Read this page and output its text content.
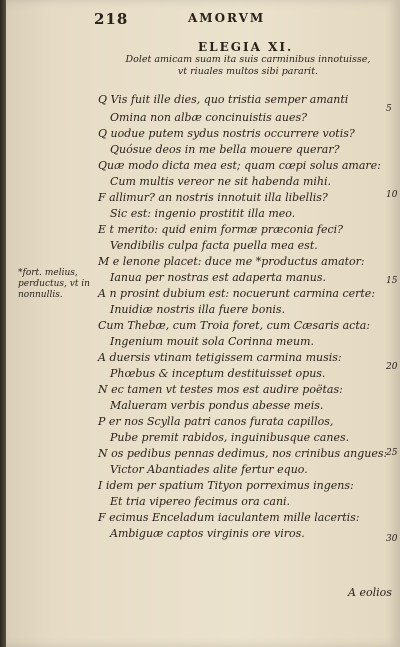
218	AMORVM
ELEGIA XI.
Dolet amicam suam ita suis carminibus innotuisse,
vt riuales multos sibi pararit.
Q Vis fuit ille dies, quo tristia semper amanti
Omina non albæ concinuistis aues?
Q uodue putem sydus nostris occurrere votis?
Quósue deos in me bella mouere querar?
Quæ modo dicta mea est; quam cœpi solus amare:
Cum multis vereor ne sit habenda mihi.
F allimur? an nostris innotuit illa libellis?
Sic est: ingenio prostitit illa meo.
E t merito: quid enim formæ præconia feci?
Vendibilis culpa facta puella mea est.
M e lenone placet: duce me *productus amator:
Ianua per nostras est adaperta manus.
A n prosint dubium est: nocuerunt carmina certe:
Inuidiæ nostris illa fuere bonis.
Cum Thebæ, cum Troia foret, cum Cæsaris acta:
Ingenium mouit sola Corinna meum.
A duersis vtinam tetigissem carmina musis:
Phœbus & inceptum destituisset opus.
N ec tamen vt testes mos est audire poëtas:
Malueram verbis pondus abesse meis.
P er nos Scylla patri canos furata capillos,
Pube premit rabidos, inguinibusque canes.
N os pedibus pennas dedimus, nos crinibus angues:
Victor Abantiades alite fertur equo.
I idem per spatium Tityon porreximus ingens:
Et tria vipereo fecimus ora cani.
F ecimus Enceladum iaculantem mille lacertis:
Ambiguæ captos virginis ore viros.
*fort. melius,
perductus, vt in
nonnullis.
5
10
15
20
25
30
A eolios
